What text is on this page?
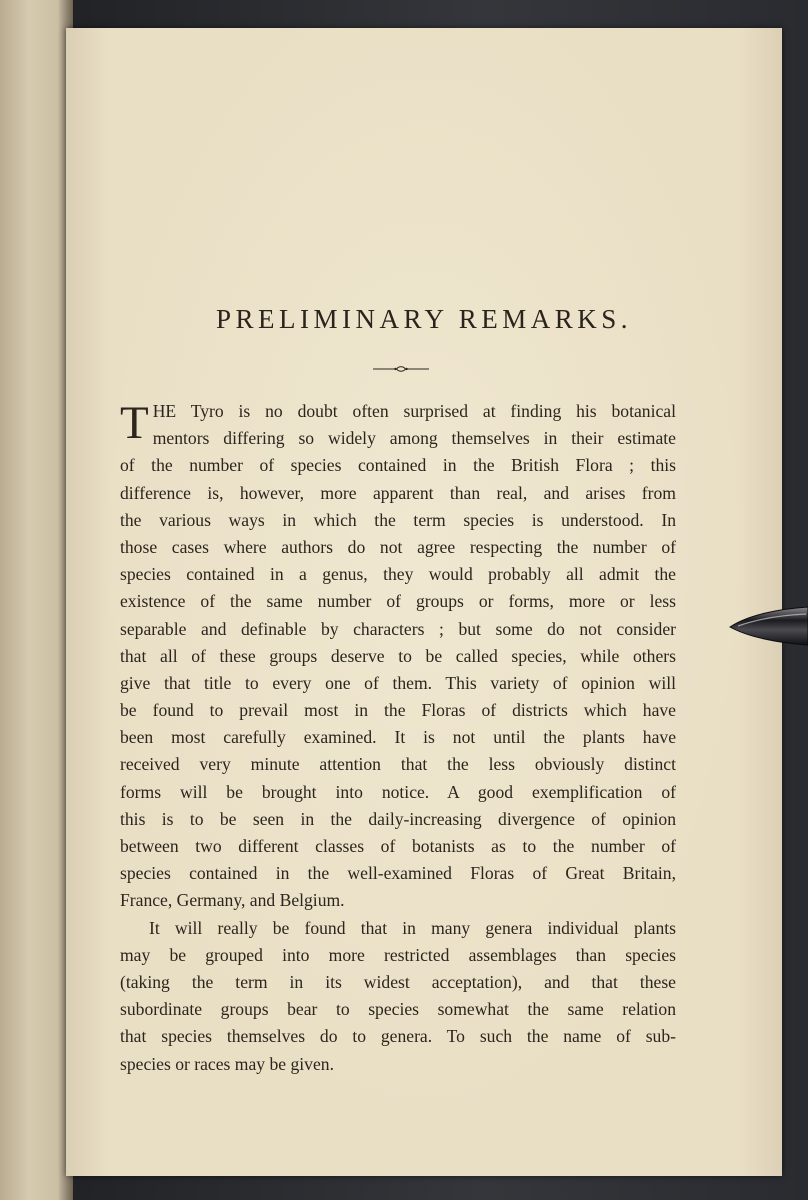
PRELIMINARY REMARKS.
T HE Tyro is no doubt often surprised at finding his botanical
mentors differing so widely among themselves in their estimate
of the number of species contained in the British Flora ; this
difference is, however, more apparent than real, and arises from
the various ways in which the term species is understood. In
those cases where authors do not agree respecting the number of
species contained in a genus, they would probably all admit the
existence of the same number of groups or forms, more or less
separable and definable by characters ; but some do not consider
that all of these groups deserve to be called species, while others
give that title to every one of them. This variety of opinion will
be found to prevail most in the Floras of districts which have
been most carefully examined. It is not until the plants have
received very minute attention that the less obviously distinct
forms will be brought into notice. A good exemplification of
this is to be seen in the daily-increasing divergence of opinion
between two different classes of botanists as to the number of
species contained in the well-examined Floras of Great Britain,
France, Germany, and Belgium.
It will really be found that in many genera individual plants
may be grouped into more restricted assemblages than species
(taking the term in its widest acceptation), and that these
subordinate groups bear to species somewhat the same relation
that species themselves do to genera. To such the name of sub-
species or races may be given.
